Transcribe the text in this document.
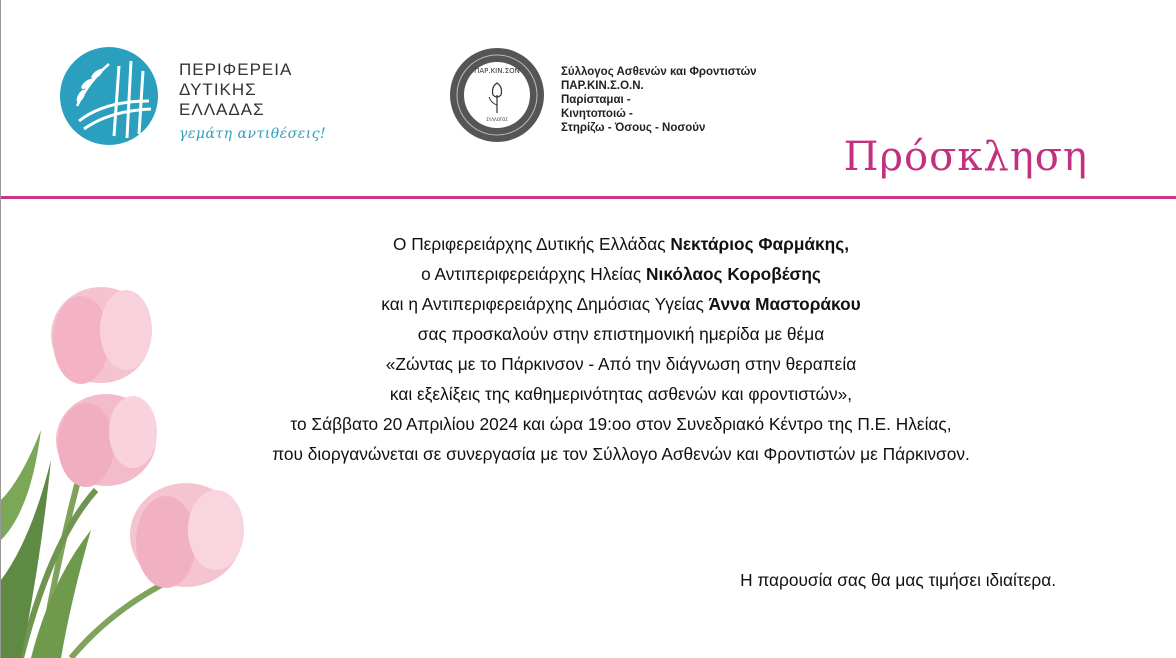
ΠΕΡΙΦΕΡΕΙΑ
ΔΥΤΙΚΗΣ
ΕΛΛΑΔΑΣ
γεμάτη αντιθέσεις!
ΠΑΡ.ΚΙΝ.ΣΟΝ
ΣΥΛΛΟΓΟΣ
Σύλλογος Ασθενών και Φροντιστών
ΠΑΡ.ΚΙΝ.Σ.Ο.Ν.
Παρίσταμαι -
Κινητοποιώ -
Στηρίζω - Όσους - Νοσούν
Πρόσκληση

Ο Περιφερειάρχης Δυτικής Ελλάδας Νεκτάριος Φαρμάκης,

ο Αντιπεριφερειάρχης Ηλείας Νικόλαος Κοροβέσης

και η Αντιπεριφερειάρχης Δημόσιας Υγείας Άννα Μαστοράκου

σας προσκαλούν στην επιστημονική ημερίδα με θέμα

«Ζώντας με το Πάρκινσον - Από την διάγνωση στην θεραπεία

και εξελίξεις της καθημερινότητας ασθενών και φροντιστών»,

το Σάββατο 20 Απριλίου 2024 και ώρα 19:οο στον Συνεδριακό Κέντρο της Π.Ε. Ηλείας,

που διοργανώνεται σε συνεργασία με τον Σύλλογο Ασθενών και Φροντιστών με Πάρκινσον.

Η παρουσία σας θα μας τιμήσει ιδιαίτερα.
